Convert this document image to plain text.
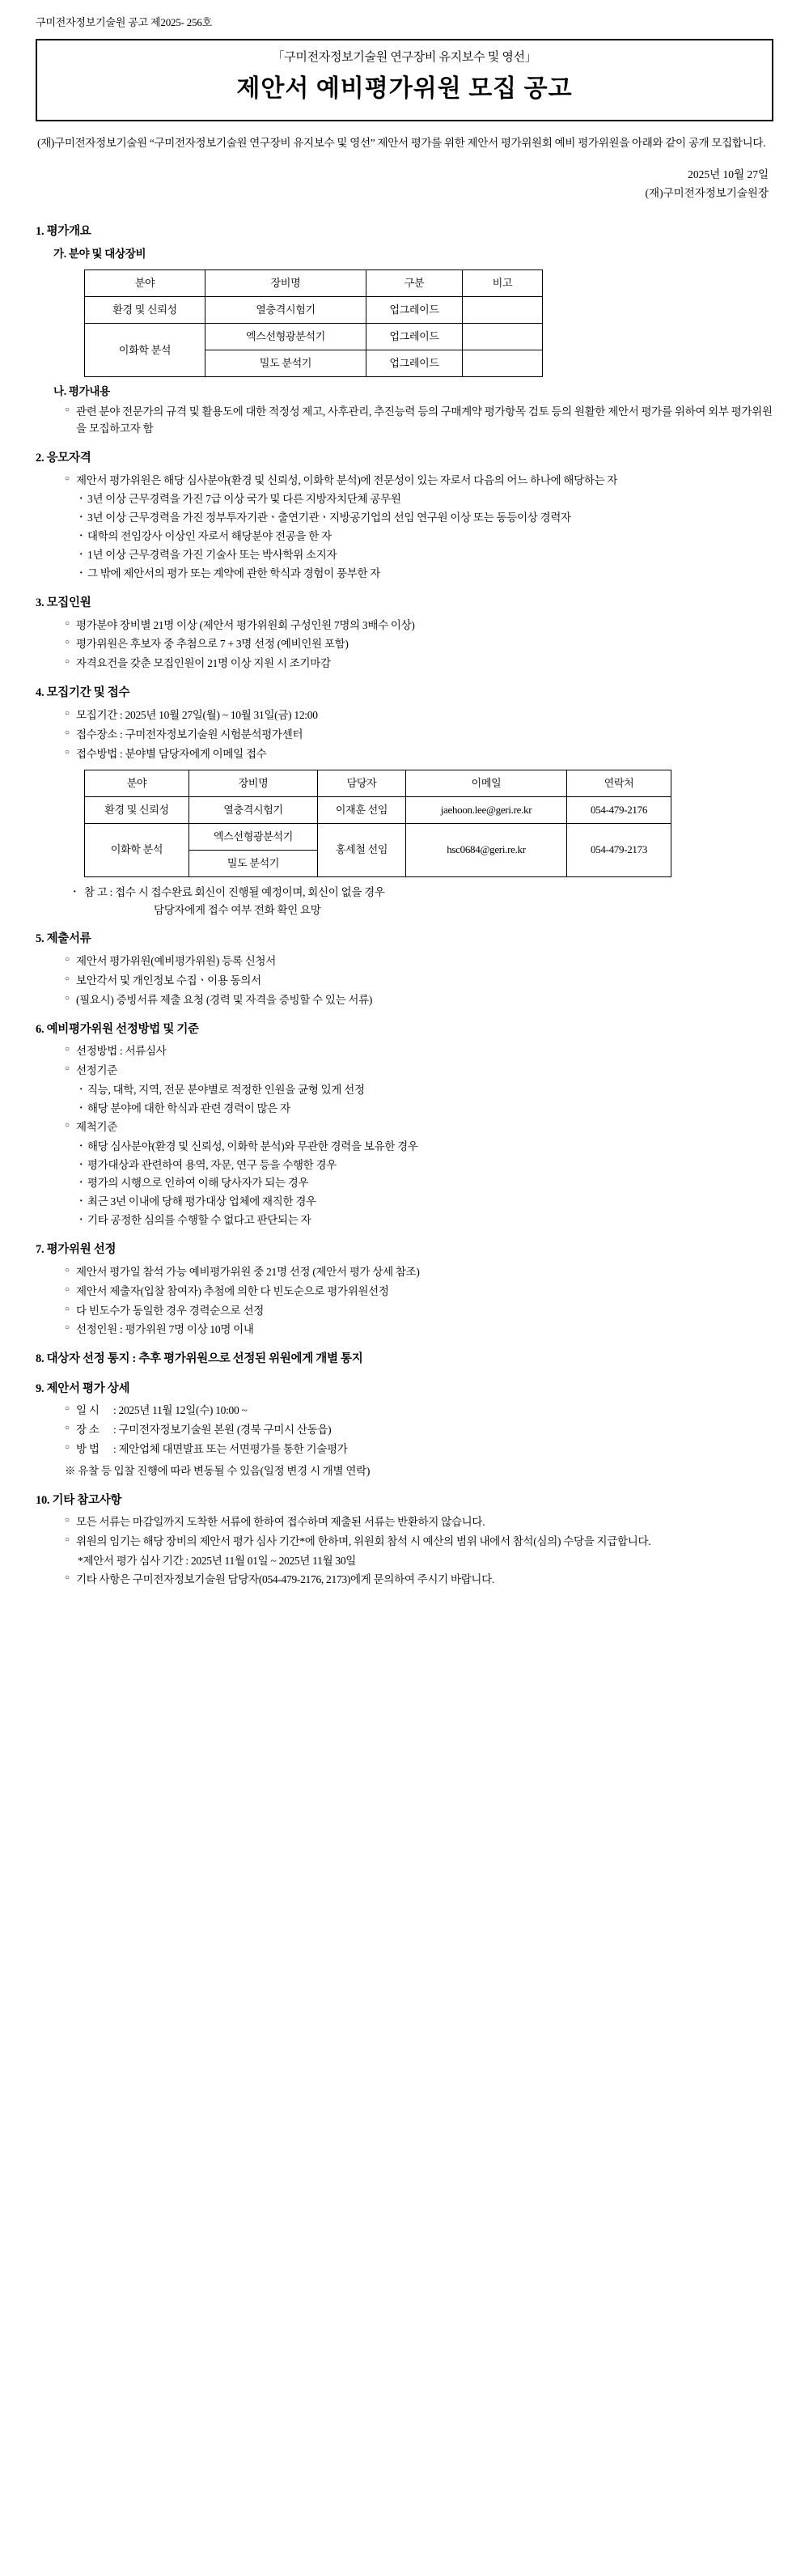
구미전자정보기술원 공고 제2025- 256호
「구미전자정보기술원 연구장비 유지보수 및 영선」
제안서 예비평가위원 모집 공고

(재)구미전자정보기술원 “구미전자정보기술원 연구장비 유지보수 및 영선” 제안서 평가를 위한 제안서 평가위원회 예비 평가위원을 아래와 같이 공개 모집합니다.

2025년 10월 27일
(재)구미전자정보기술원장
1. 평가개요
가. 분야 및 대상장비
분야	장비명	구분	비고
환경 및 신뢰성	열충격시험기	업그레이드	
이화학 분석	엑스선형광분석기	업그레이드	
	밀도 분석기	업그레이드	
나. 평가내용
○ 관련 분야 전문가의 규격 및 활용도에 대한 적정성 제고, 사후관리, 추진능력 등의 구매계약 평가항목 검토 등의 원활한 제안서 평가를 위하여 외부 평가위원을 모집하고자 함
2. 응모자격
○ 제안서 평가위원은 해당 심사분야(환경 및 신뢰성, 이화학 분석)에 전문성이 있는 자로서 다음의 어느 하나에 해당하는 자
· 3년 이상 근무경력을 가진 7급 이상 국가 및 다른 지방자치단체 공무원
· 3년 이상 근무경력을 가진 정부투자기관ㆍ출연기관ㆍ지방공기업의 선임 연구원 이상 또는 동등이상 경력자
· 대학의 전임강사 이상인 자로서 해당분야 전공을 한 자
· 1년 이상 근무경력을 가진 기술사 또는 박사학위 소지자
· 그 밖에 제안서의 평가 또는 계약에 관한 학식과 경험이 풍부한 자
3. 모집인원
○ 평가분야 장비별 21명 이상 (제안서 평가위원회 구성인원 7명의 3배수 이상)
○ 평가위원은 후보자 중 추첨으로 7 + 3명 선정 (예비인원 포함)
○ 자격요건을 갖춘 모집인원이 21명 이상 지원 시 조기마감
4. 모집기간 및 접수
○ 모집기간 : 2025년 10월 27일(월) ~ 10월 31일(금) 12:00
○ 접수장소 : 구미전자정보기술원 시험분석평가센터
○ 접수방법 : 분야별 담당자에게 이메일 접수
분야	장비명	담당자	이메일	연락처
환경 및 신뢰성	열충격시험기	이재훈 선임	jaehoon.lee@geri.re.kr	054-479-2176
이화학 분석	엑스선형광분석기	홍세철 선임	hsc0684@geri.re.kr	054-479-2173
	밀도 분석기			
· 참 고 : 접수 시 접수완료 회신이 진행될 예정이며, 회신이 없을 경우
담당자에게 접수 여부 전화 확인 요망
5. 제출서류
○ 제안서 평가위원(예비평가위원) 등록 신청서
○ 보안각서 및 개인정보 수집ㆍ이용 동의서
○ (필요시) 증빙서류 제출 요청 (경력 및 자격을 증빙할 수 있는 서류)
6. 예비평가위원 선정방법 및 기준
○ 선정방법 : 서류심사
○ 선정기준
· 직능, 대학, 지역, 전문 분야별로 적정한 인원을 균형 있게 선정
· 해당 분야에 대한 학식과 관련 경력이 많은 자
○ 제척기준
· 해당 심사분야(환경 및 신뢰성, 이화학 분석)와 무관한 경력을 보유한 경우
· 평가대상과 관련하여 용역, 자문, 연구 등을 수행한 경우
· 평가의 시행으로 인하여 이해 당사자가 되는 경우
· 최근 3년 이내에 당해 평가대상 업체에 재직한 경우
· 기타 공정한 심의를 수행할 수 없다고 판단되는 자
7. 평가위원 선정
○ 제안서 평가일 참석 가능 예비평가위원 중 21명 선정 (제안서 평가 상세 참조)
○ 제안서 제출자(입찰 참여자) 추첨에 의한 다 빈도순으로 평가위원선정
○ 다 빈도수가 동일한 경우 경력순으로 선정
○ 선정인원 : 평가위원 7명 이상 10명 이내
8. 대상자 선정 통지 : 추후 평가위원으로 선정된 위원에게 개별 통지
9. 제안서 평가 상세
○ 일 시 : 2025년 11월 12일(수) 10:00 ~
○ 장 소 : 구미전자정보기술원 본원 (경북 구미시 산동읍)
○ 방 법 : 제안업체 대면발표 또는 서면평가를 통한 기술평가
※ 유찰 등 입찰 진행에 따라 변동될 수 있음(일정 변경 시 개별 연락)
10. 기타 참고사항
○ 모든 서류는 마감일까지 도착한 서류에 한하여 접수하며 제출된 서류는 반환하지 않습니다.
○ 위원의 임기는 해당 장비의 제안서 평가 심사 기간*에 한하며, 위원회 참석 시 예산의 범위 내에서 참석(심의) 수당을 지급합니다.
*제안서 평가 심사 기간 : 2025년 11월 01일 ~ 2025년 11월 30일
○ 기타 사항은 구미전자정보기술원 담당자(054-479-2176, 2173)에게 문의하여 주시기 바랍니다.
